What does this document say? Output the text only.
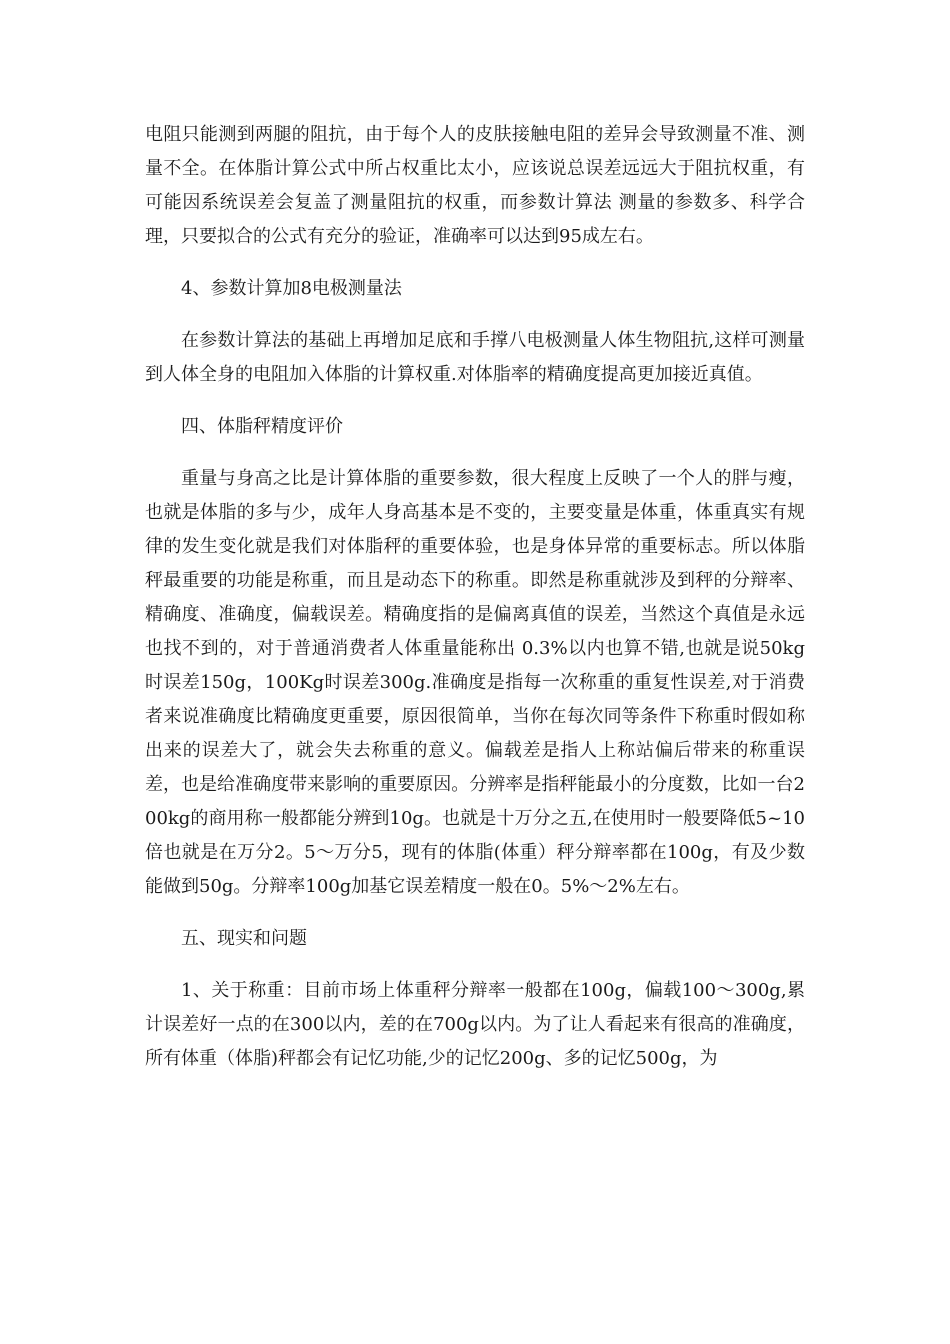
电阻只能测到两腿的阻抗，由于每个人的皮肤接触电阻的差异会导致测量不准、测量不全。在体脂计算公式中所占权重比太小，应该说总误差远远大于阻抗权重，有可能因系统误差会复盖了测量阻抗的权重，而参数计算法 测量的参数多、科学合理，只要拟合的公式有充分的验证，准确率可以达到95成左右。

4、参数计算加8电极测量法

在参数计算法的基础上再增加足底和手撑八电极测量人体生物阻抗,这样可测量到人体全身的电阻加入体脂的计算权重.对体脂率的精确度提高更加接近真值。

四、体脂秤精度评价

重量与身高之比是计算体脂的重要参数，很大程度上反映了一个人的胖与瘦，也就是体脂的多与少，成年人身高基本是不变的，主要变量是体重，体重真实有规律的发生变化就是我们对体脂秤的重要体验，也是身体异常的重要标志。所以体脂秤最重要的功能是称重，而且是动态下的称重。即然是称重就涉及到秤的分辩率、精确度、准确度，偏载误差。精确度指的是偏离真值的误差，当然这个真值是永远也找不到的，对于普通消费者人体重量能称出 0.3%以内也算不错,也就是说50kg时误差150g，100Kg时误差300g.准确度是指每一次称重的重复性误差,对于消费者来说准确度比精确度更重要，原因很简单，当你在每次同等条件下称重时假如称出来的误差大了，就会失去称重的意义。偏载差是指人上称站偏后带来的称重误差，也是给准确度带来影响的重要原因。分辨率是指秤能最小的分度数，比如一台200kg的商用称一般都能分辨到10g。也就是十万分之五,在使用时一般要降低5~10倍也就是在万分2。5～万分5，现有的体脂(体重）秤分辩率都在100g，有及少数能做到50g。分辩率100g加基它误差精度一般在0。5%～2%左右。

五、现实和问题

1、关于称重：目前市场上体重秤分辩率一般都在100g，偏载100～300g,累计误差好一点的在300以内，差的在700g以内。为了让人看起来有很高的准确度，所有体重（体脂)秤都会有记忆功能,少的记忆200g、多的记忆500g，为
